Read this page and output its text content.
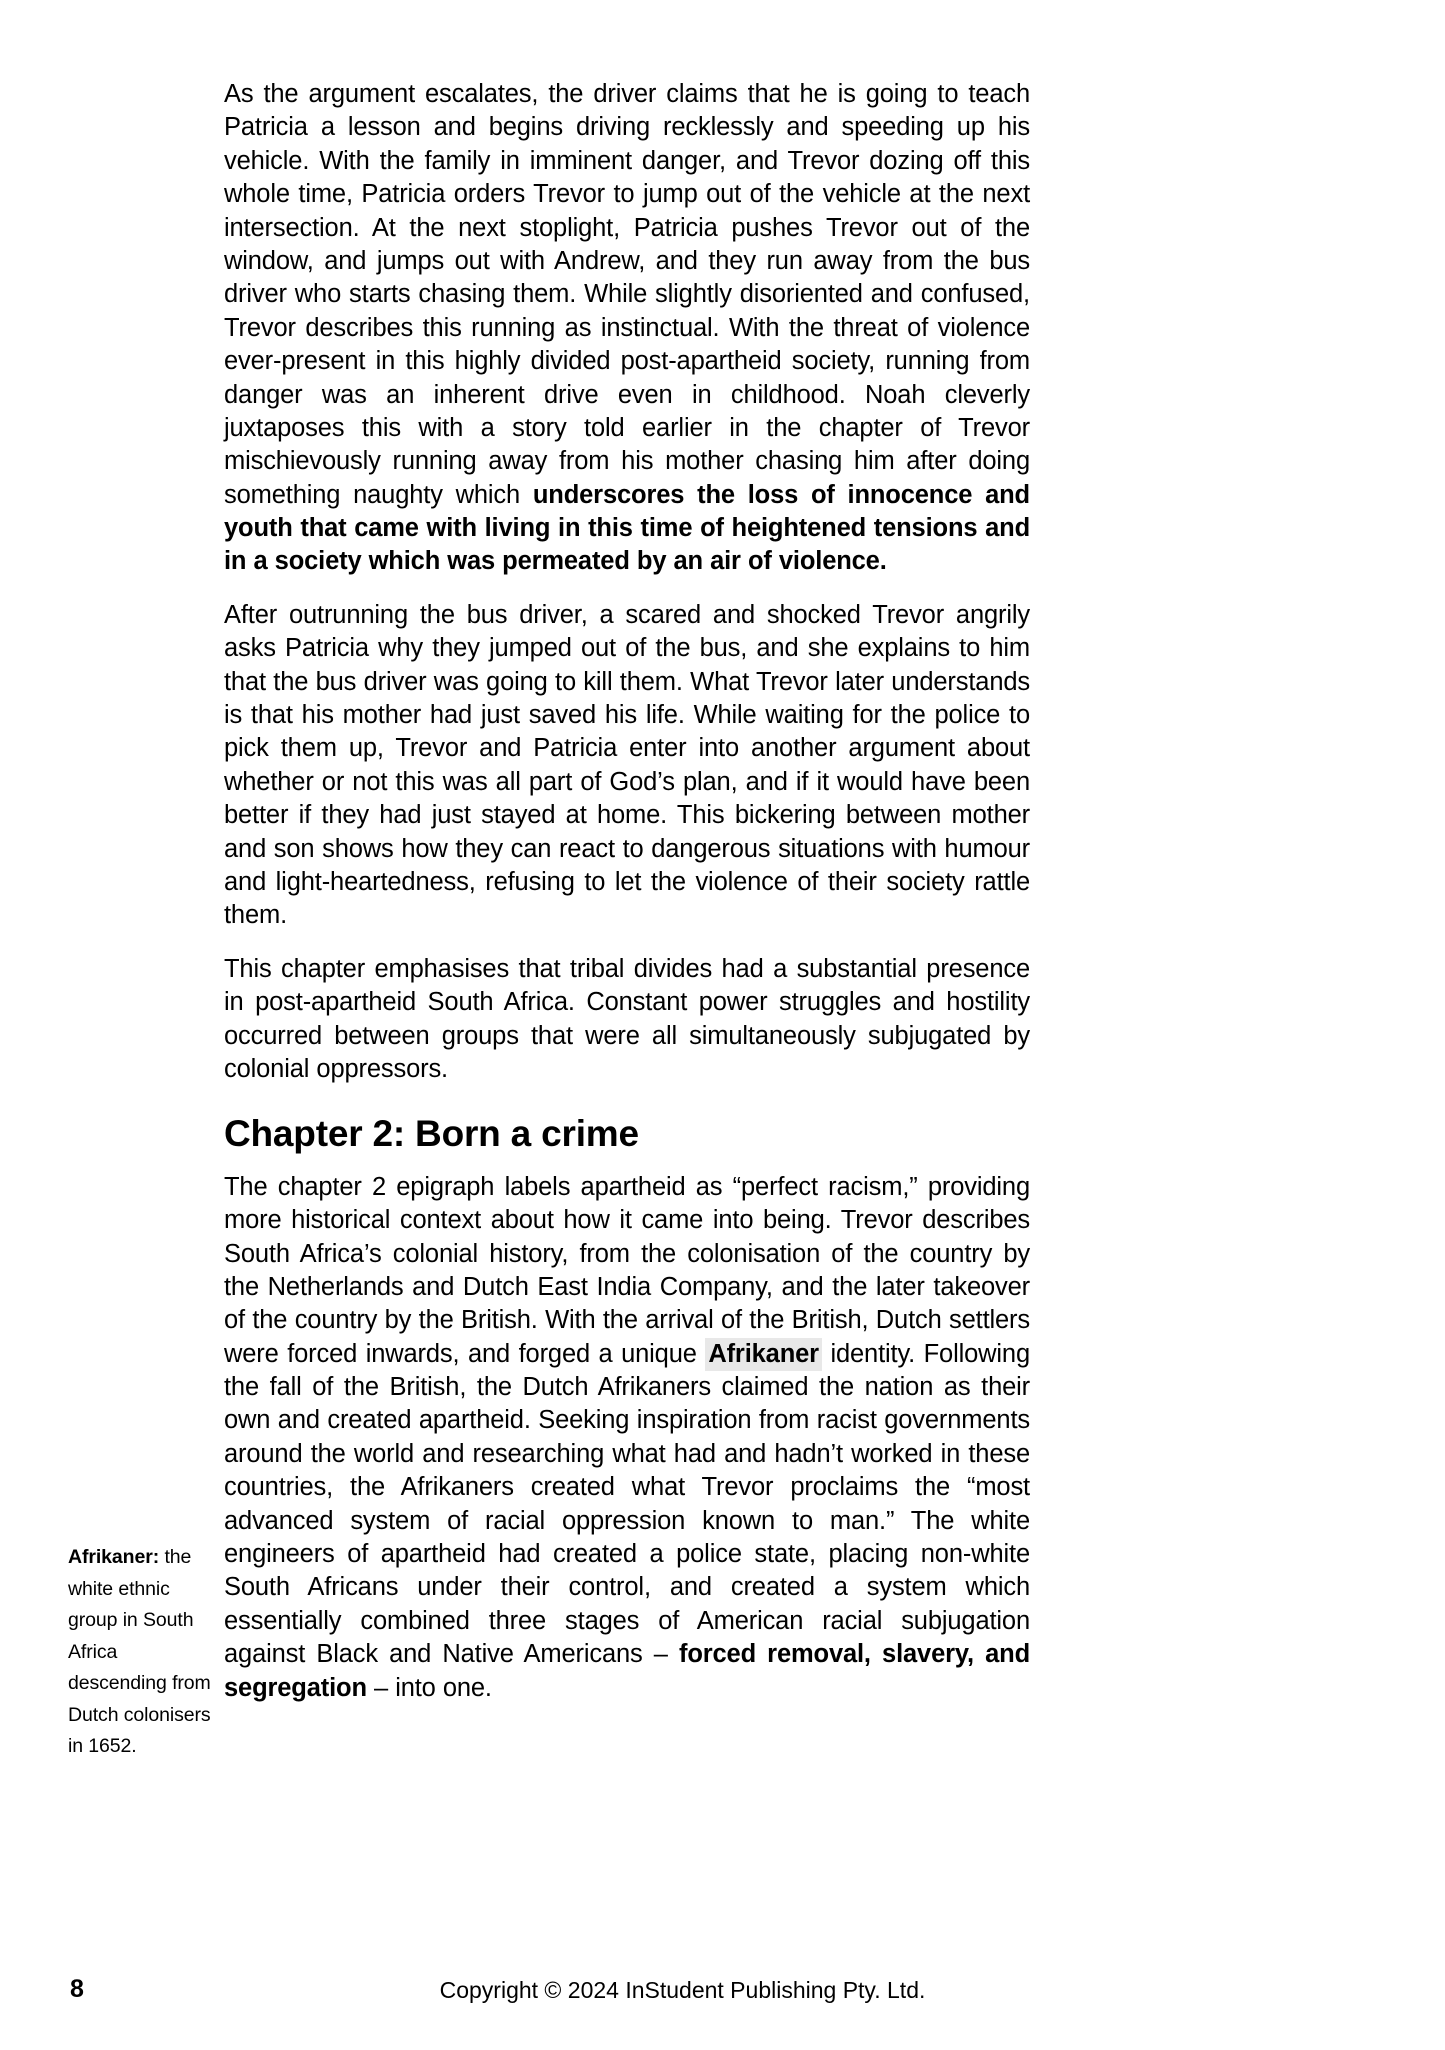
As the argument escalates, the driver claims that he is going to teach Patricia a lesson and begins driving recklessly and speeding up his vehicle. With the family in imminent danger, and Trevor dozing off this whole time, Patricia orders Trevor to jump out of the vehicle at the next intersection. At the next stoplight, Patricia pushes Trevor out of the window, and jumps out with Andrew, and they run away from the bus driver who starts chasing them. While slightly disoriented and confused, Trevor describes this running as instinctual. With the threat of violence ever-present in this highly divided post-apartheid society, running from danger was an inherent drive even in childhood. Noah cleverly juxtaposes this with a story told earlier in the chapter of Trevor mischievously running away from his mother chasing him after doing something naughty which underscores the loss of innocence and youth that came with living in this time of heightened tensions and in a society which was permeated by an air of violence.

After outrunning the bus driver, a scared and shocked Trevor angrily asks Patricia why they jumped out of the bus, and she explains to him that the bus driver was going to kill them. What Trevor later understands is that his mother had just saved his life. While waiting for the police to pick them up, Trevor and Patricia enter into another argument about whether or not this was all part of God’s plan, and if it would have been better if they had just stayed at home. This bickering between mother and son shows how they can react to dangerous situations with humour and light-heartedness, refusing to let the violence of their society rattle them.

This chapter emphasises that tribal divides had a substantial presence in post-apartheid South Africa. Constant power struggles and hostility occurred between groups that were all simultaneously subjugated by colonial oppressors.

Chapter 2: Born a crime

The chapter 2 epigraph labels apartheid as “perfect racism,” providing more historical context about how it came into being. Trevor describes South Africa’s colonial history, from the colonisation of the country by the Netherlands and Dutch East India Company, and the later takeover of the country by the British. With the arrival of the British, Dutch settlers were forced inwards, and forged a unique Afrikaner identity. Following the fall of the British, the Dutch Afrikaners claimed the nation as their own and created apartheid. Seeking inspiration from racist governments around the world and researching what had and hadn’t worked in these countries, the Afrikaners created what Trevor proclaims the “most advanced system of racial oppression known to man.” The white engineers of apartheid had created a police state, placing non-white South Africans under their control, and created a system which essentially combined three stages of American racial subjugation against Black and Native Americans – forced removal, slavery, and segregation – into one.

Afrikaner: the white ethnic group in South Africa descending from Dutch colonisers in 1652.
8	Copyright © 2024 InStudent Publishing Pty. Ltd.
